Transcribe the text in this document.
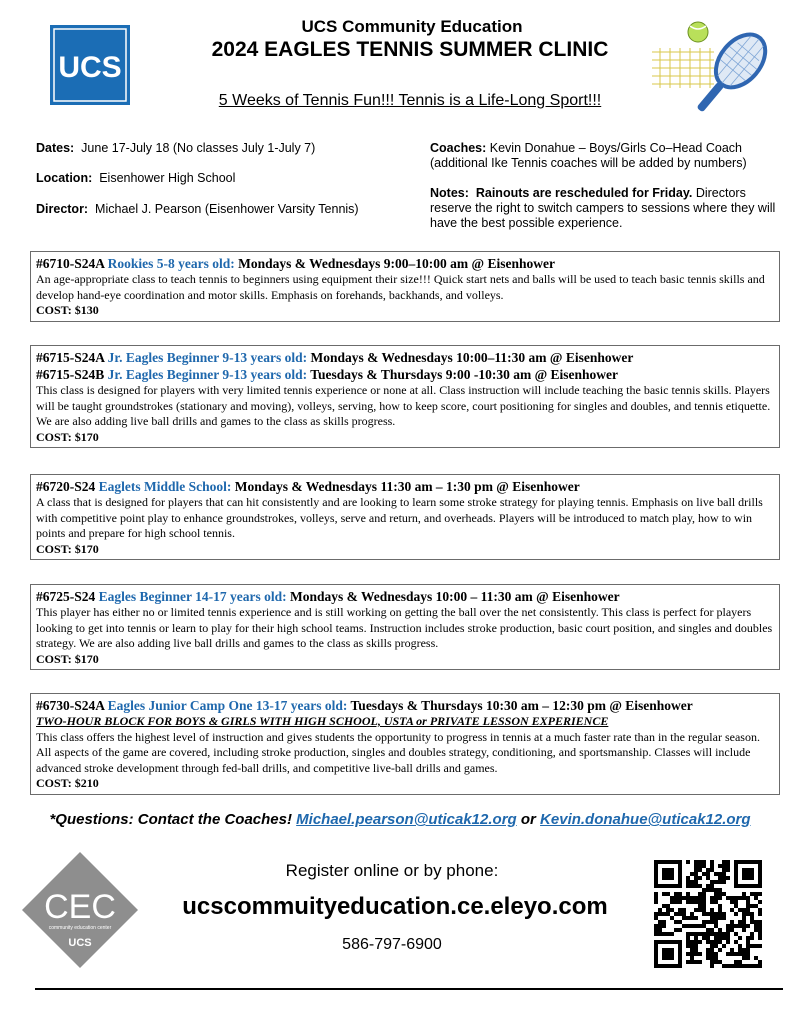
UCS
UCS Community Education
2024 EAGLES TENNIS SUMMER CLINIC
5 Weeks of Tennis Fun!!! Tennis is a Life-Long Sport!!!
Dates: June 17-July 18 (No classes July 1-July 7)
Location: Eisenhower High School
Director: Michael J. Pearson (Eisenhower Varsity Tennis)
Coaches: Kevin Donahue – Boys/Girls Co–Head Coach
(additional Ike Tennis coaches will be added by numbers)
Notes: Rainouts are rescheduled for Friday. Directors reserve the right to switch campers to sessions where they will have the best possible experience.
#6710-S24A Rookies 5-8 years old: Mondays & Wednesdays 9:00–10:00 am @ Eisenhower
An age-appropriate class to teach tennis to beginners using equipment their size!!! Quick start nets and balls will be used to teach basic tennis skills and develop hand-eye coordination and motor skills. Emphasis on forehands, backhands, and volleys.
COST: $130
#6715-S24A Jr. Eagles Beginner 9-13 years old: Mondays & Wednesdays 10:00–11:30 am @ Eisenhower
#6715-S24B Jr. Eagles Beginner 9-13 years old: Tuesdays & Thursdays 9:00 -10:30 am @ Eisenhower
This class is designed for players with very limited tennis experience or none at all. Class instruction will include teaching the basic tennis skills. Players will be taught groundstrokes (stationary and moving), volleys, serving, how to keep score, court positioning for singles and doubles, and tennis etiquette. We are also adding live ball drills and games to the class as skills progress.
COST: $170
#6720-S24 Eaglets Middle School: Mondays & Wednesdays 11:30 am – 1:30 pm @ Eisenhower
A class that is designed for players that can hit consistently and are looking to learn some stroke strategy for playing tennis. Emphasis on live ball drills with competitive point play to enhance groundstrokes, volleys, serve and return, and overheads. Players will be introduced to match play, how to win points and prepare for high school tennis.
COST: $170
#6725-S24 Eagles Beginner 14-17 years old: Mondays & Wednesdays 10:00 – 11:30 am @ Eisenhower
This player has either no or limited tennis experience and is still working on getting the ball over the net consistently. This class is perfect for players looking to get into tennis or learn to play for their high school teams. Instruction includes stroke production, basic court position, and singles and doubles strategy. We are also adding live ball drills and games to the class as skills progress.
COST: $170
#6730-S24A Eagles Junior Camp One 13-17 years old: Tuesdays & Thursdays 10:30 am – 12:30 pm @ Eisenhower
TWO-HOUR BLOCK FOR BOYS & GIRLS WITH HIGH SCHOOL, USTA or PRIVATE LESSON EXPERIENCE
This class offers the highest level of instruction and gives students the opportunity to progress in tennis at a much faster rate than in the regular season. All aspects of the game are covered, including stroke production, singles and doubles strategy, conditioning, and sportsmanship. Classes will include advanced stroke development through fed-ball drills, and competitive live-ball drills and games.
COST: $210
*Questions: Contact the Coaches! Michael.pearson@uticak12.org or Kevin.donahue@uticak12.org
CEC
community education center
UCS
Register online or by phone:
ucscommuityeducation.ce.eleyo.com
586-797-6900
